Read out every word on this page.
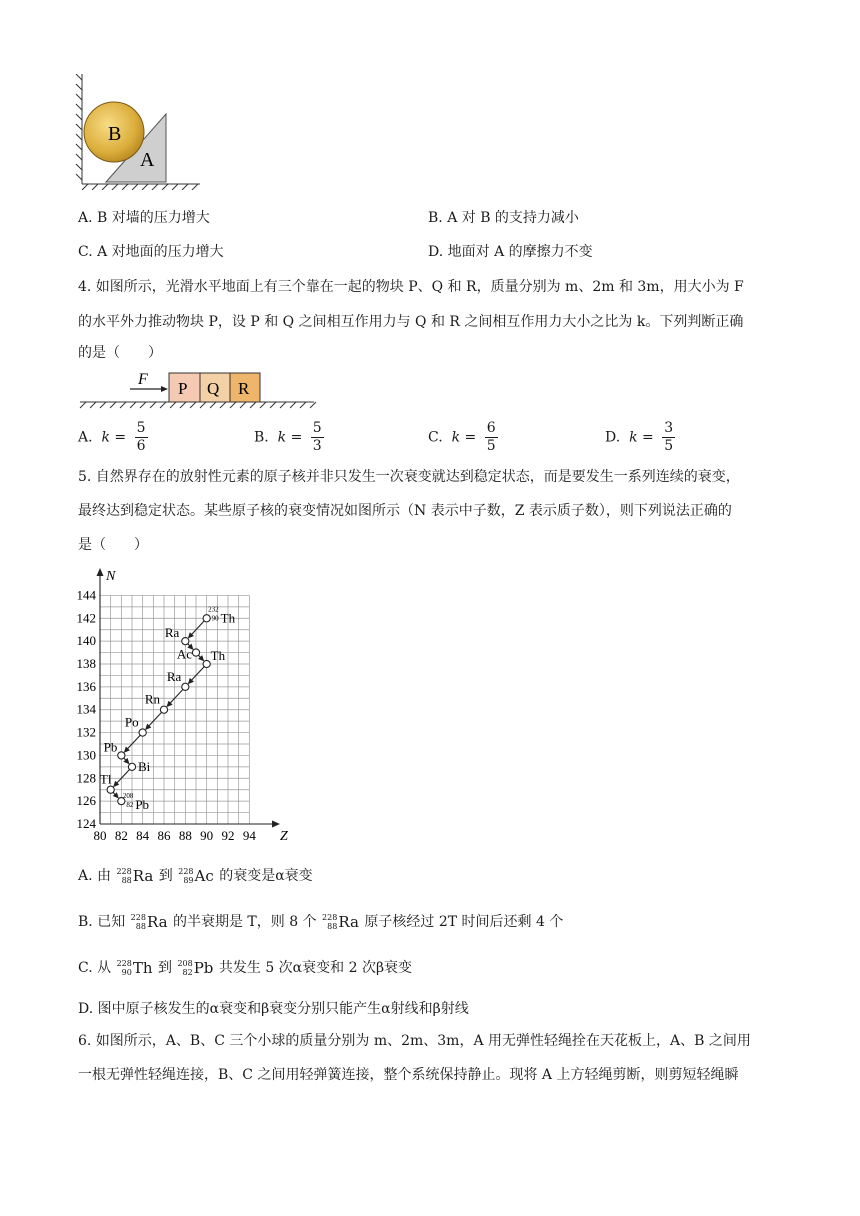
B
A
A. B 对墙的压力增大	B. A 对 B 的支持力减小
C. A 对地面的压力增大	D. 地面对 A 的摩擦力不变
4. 如图所示，光滑水平地面上有三个靠在一起的物块 P、Q 和 R，质量分别为 m、2m 和 3m，用大小为 F
的水平外力推动物块 P，设 P 和 Q 之间相互作用力与 Q 和 R 之间相互作用力大小之比为 k。下列判断正确
的是（　　）
F P Q R
A. $k = \frac{5}{6}$	B. $k = \frac{5}{3}$	C. $k = \frac{6}{5}$	D. $k = \frac{3}{5}$
5. 自然界存在的放射性元素的原子核并非只发生一次衰变就达到稳定状态，而是要发生一系列连续的衰变，
最终达到稳定状态。某些原子核的衰变情况如图所示（N 表示中子数，Z 表示质子数），则下列说法正确的
是（　　）
Z
N
80 82 84 86 88 90 92 94
124
126
128
130
132
134
136
138
140
142
144
Th
232
90
Ra
Ac Th
Ra
Rn
Po
Pb
Bi
Tl
Pb
208
82
A. 由 228
88 Ra 到 228
89 Ac 的衰变是α衰变
B. 已知 228
88 Ra 的半衰期是 T，则 8 个 228
88 Ra 原子核经过 2T 时间后还剩 4 个
C. 从 228
90 Th 到 208
82 Pb 共发生 5 次α衰变和 2 次β衰变
D. 图中原子核发生的α衰变和β衰变分别只能产生α射线和β射线
6. 如图所示，A、B、C 三个小球的质量分别为 m、2m、3m，A 用无弹性轻绳拴在天花板上，A、B 之间用
一根无弹性轻绳连接，B、C 之间用轻弹簧连接，整个系统保持静止。现将 A 上方轻绳剪断，则剪短轻绳瞬
